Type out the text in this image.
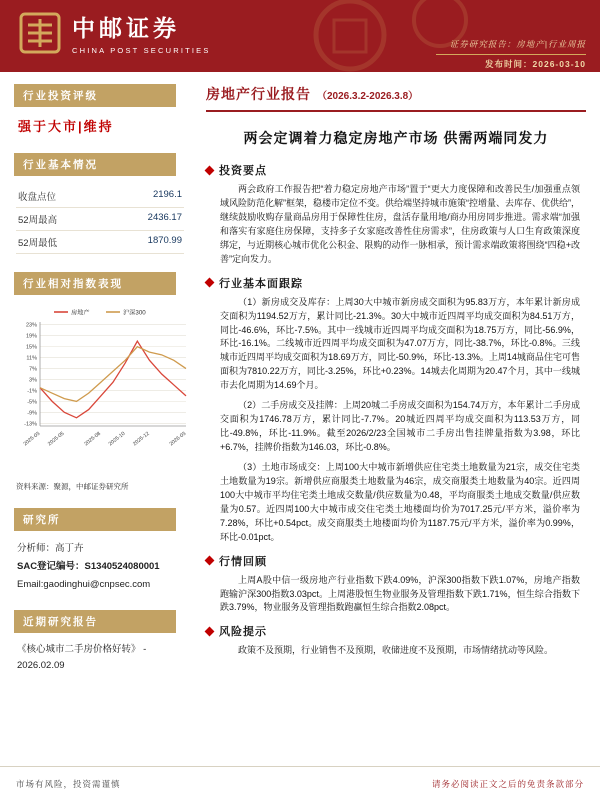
中邮证券
CHINA POST SECURITIES
证券研究报告：房地产|行业周报
发布时间：2026-03-10
行业投资评级
强于大市|维持
行业基本情况
收盘点位	2196.1
52周最高	2436.17
52周最低	1870.99
行业相对指数表现
23%
19%
15%
11%
7%
3%
-1%
-5%
-9%
-13%
2025-03 2025-05	2025-08 2025-10 2025-12	2026-03
房地产	沪深300
资料来源：聚源，中邮证券研究所
研究所
分析师：高丁卉
SAC登记编号：S1340524080001
Email:gaodinghui@cnpsec.com
近期研究报告
《核心城市二手房价格好转》 - 2026.02.09
房地产行业报告 （2026.3.2-2026.3.8）
两会定调着力稳定房地产市场 供需两端同发力
投资要点

两会政府工作报告把“着力稳定房地产市场”置于“更大力度保障和改善民生/加强重点领域风险防范化解”框架，稳楼市定位不变。供给端坚持城市施策“控增量、去库存、优供给”，继续鼓励收购存量商品房用于保障性住房，盘活存量用地/商办用房同步推进。需求端“加强和落实有家庭住房保障，支持多子女家庭改善性住房需求”，住房政策与人口生育政策深度绑定，与近期核心城市优化公积金、限购的动作一脉相承，预计需求端政策将围绕“四稳+改善”定向发力。

行业基本面跟踪

（1）新房成交及库存：上周30大中城市新房成交面积为95.83万方，本年累计新房成交面积为1194.52万方，累计同比-21.3%。30大中城市近四周平均成交面积为84.51万方，同比-46.6%，环比-7.5%。其中一线城市近四周平均成交面积为18.75万方，同比-56.9%，环比-16.1%。二线城市近四周平均成交面积为47.07万方，同比-38.7%，环比-0.8%。三线城市近四周平均成交面积为18.69万方，同比-50.9%，环比-13.3%。上周14城商品住宅可售面积为7810.22万方，同比-3.25%，环比+0.23%。14城去化周期为20.47个月，其中一线城市去化周期为14.69个月。

（2）二手房成交及挂牌：上周20城二手房成交面积为154.74万方，本年累计二手房成交面积为1746.78万方，累计同比-7.7%。20城近四周平均成交面积为113.53万方，同比-49.8%，环比-11.9%。截至2026/2/23全国城市二手房出售挂牌量指数为3.98，环比+6.7%，挂牌价指数为146.03，环比-0.8%。

（3）土地市场成交：上周100大中城市新增供应住宅类土地数量为21宗，成交住宅类土地数量为19宗。新增供应商服类土地数量为46宗，成交商服类土地数量为40宗。近四周100大中城市平均住宅类土地成交数量/供应数量为0.48，平均商服类土地成交数量/供应数量为0.57。近四周100大中城市成交住宅类土地楼面均价为7017.25元/平方米，溢价率为7.28%，环比+0.54pct。成交商服类土地楼面均价为1187.75元/平方米，溢价率为0.99%，环比-0.01pct。

行情回顾

上周A股中信一级房地产行业指数下跌4.09%，沪深300指数下跌1.07%，房地产指数跑输沪深300指数3.03pct。上周港股恒生物业服务及管理指数下跌1.71%，恒生综合指数下跌3.79%，物业服务及管理指数跑赢恒生综合指数2.08pct。

风险提示

政策不及预期，行业销售不及预期，收储进度不及预期，市场情绪扰动等风险。

市场有风险，投资需谨慎	请务必阅读正文之后的免责条款部分
